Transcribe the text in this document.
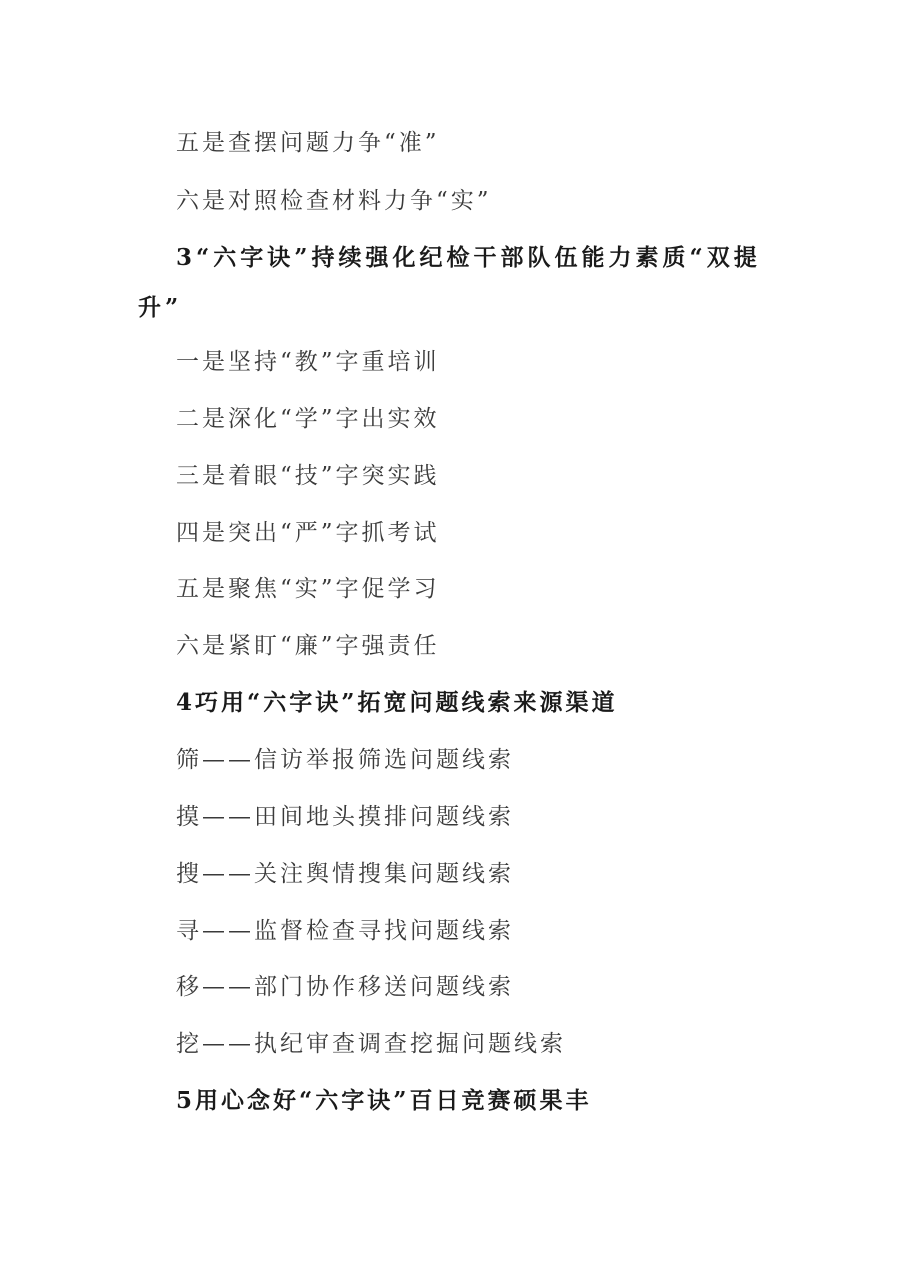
五是查摆问题力争“准”
六是对照检查材料力争“实”
3“六字诀”持续强化纪检干部队伍能力素质“双提升”
一是坚持“教”字重培训
二是深化“学”字出实效
三是着眼“技”字突实践
四是突出“严”字抓考试
五是聚焦“实”字促学习
六是紧盯“廉”字强责任
4巧用“六字诀”拓宽问题线索来源渠道
筛——信访举报筛选问题线索
摸——田间地头摸排问题线索
搜——关注舆情搜集问题线索
寻——监督检查寻找问题线索
移——部门协作移送问题线索
挖——执纪审查调查挖掘问题线索
5用心念好“六字诀”百日竞赛硕果丰
